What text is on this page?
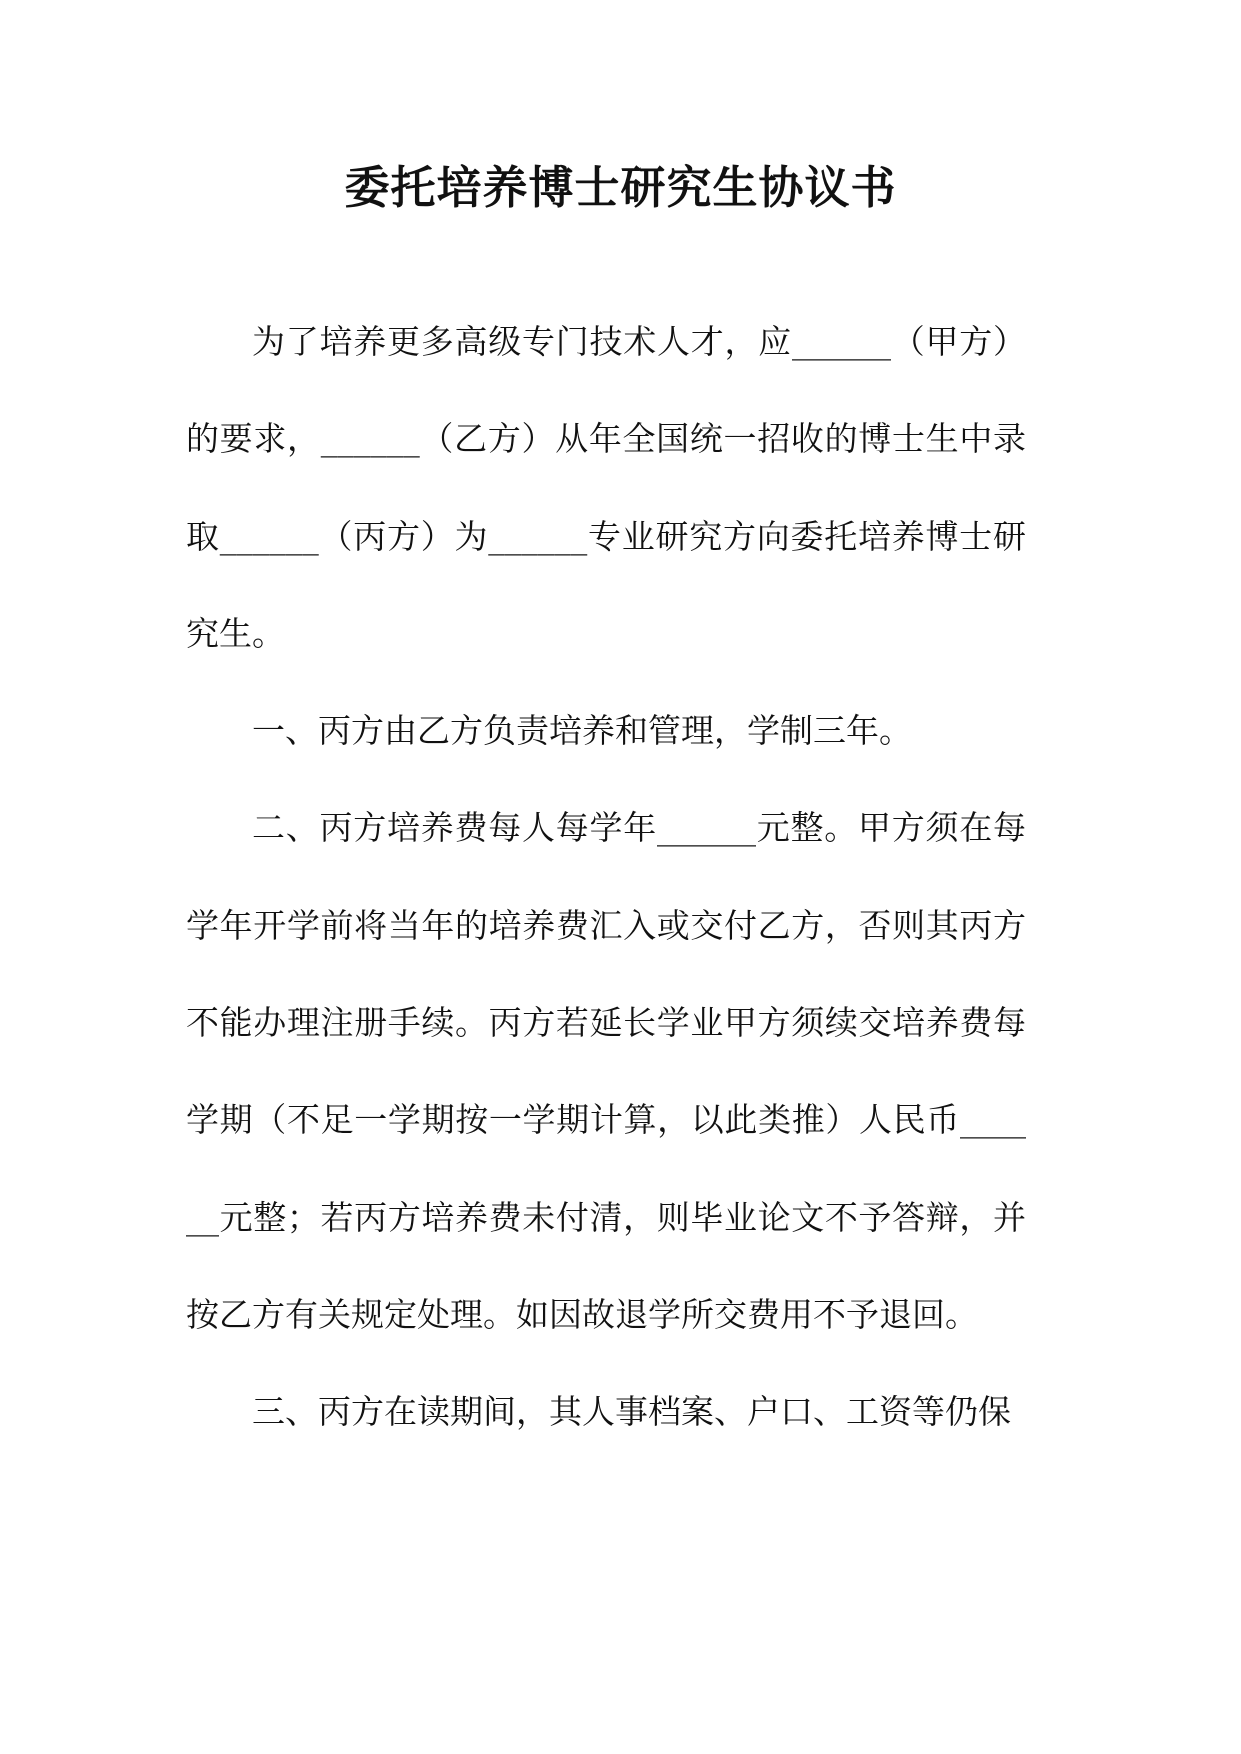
委托培养博士研究生协议书

为了培养更多高级专门技术人才，应______（甲方）的要求，______（乙方）从年全国统一招收的博士生中录取______（丙方）为______专业研究方向委托培养博士研究生。

一、丙方由乙方负责培养和管理，学制三年。

二、丙方培养费每人每学年______元整。甲方须在每学年开学前将当年的培养费汇入或交付乙方，否则其丙方不能办理注册手续。丙方若延长学业甲方须续交培养费每学期（不足一学期按一学期计算，以此类推）人民币______元整；若丙方培养费未付清，则毕业论文不予答辩，并按乙方有关规定处理。如因故退学所交费用不予退回。

三、丙方在读期间，其人事档案、户口、工资等仍保
